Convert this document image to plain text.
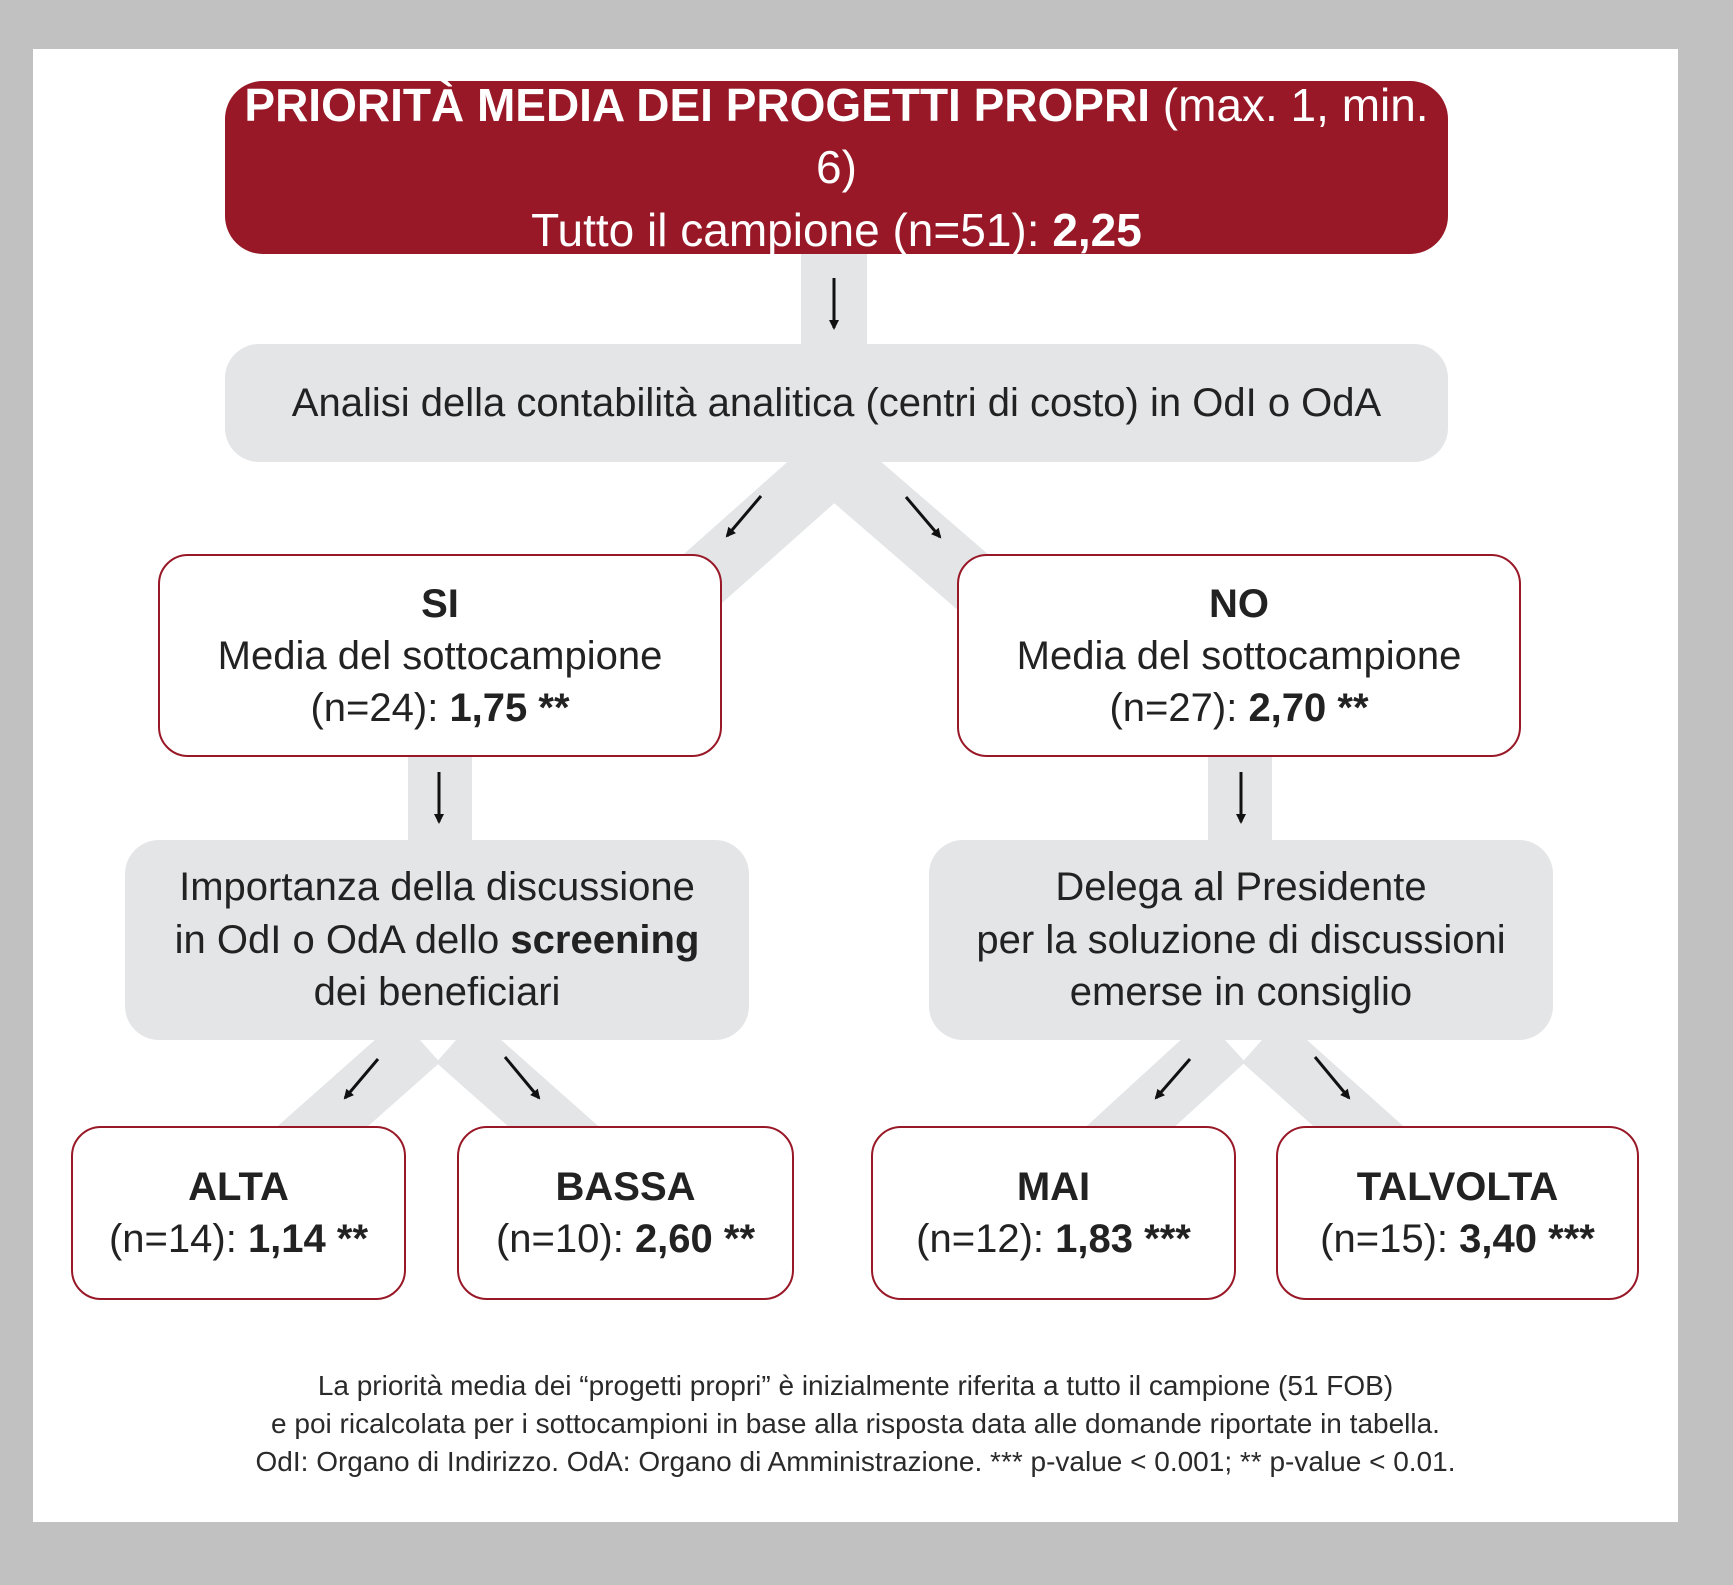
PRIORITÀ MEDIA DEI PROGETTI PROPRI (max. 1, min. 6)
Tutto il campione (n=51): 2,25
Analisi della contabilità analitica (centri di costo) in OdI o OdA
SI
Media del sottocampione
(n=24): 1,75 **
NO
Media del sottocampione
(n=27): 2,70 **
Importanza della discussione
in OdI o OdA dello screening
dei beneficiari
Delega al Presidente
per la soluzione di discussioni
emerse in consiglio
ALTA
(n=14): 1,14 **
BASSA
(n=10): 2,60 **
MAI
(n=12): 1,83 ***
TALVOLTA
(n=15): 3,40 ***
La priorità media dei “progetti propri” è inizialmente riferita a tutto il campione (51 FOB)
e poi ricalcolata per i sottocampioni in base alla risposta data alle domande riportate in tabella.
OdI: Organo di Indirizzo. OdA: Organo di Amministrazione. *** p-value < 0.001; ** p-value < 0.01.
